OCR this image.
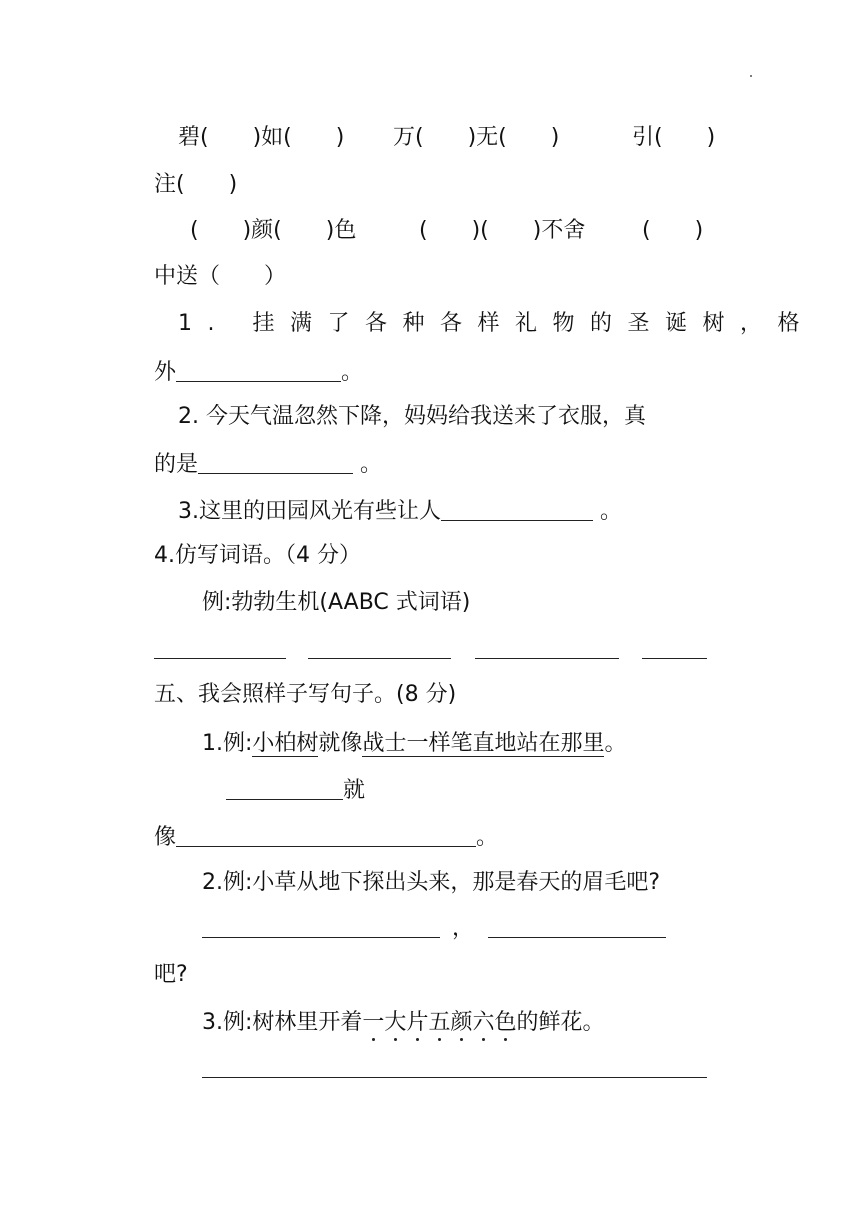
碧(　　)如(　　) 万(　　)无(　　)	引(　　)
注(　　)
(　　)颜(　　)色	(　　)(　　)不舍	(　　)
中送（　　）
1. 挂满了各种各样礼物的圣诞树，格
外	。
2. 今天气温忽然下降，妈妈给我送来了衣服，真
的是	。
3.这里的田园风光有些让人	。
4.仿写词语。（4 分）
例:勃勃生机(AABC 式词语)
五、我会照样子写句子。(8 分)
1.例:小柏树就像战士一样笔直地站在那里。
就
像	。
2.例:小草从地下探出头来，那是春天的眉毛吧?
，
吧?
3.例:树林里开着一
大
片
五
颜
六
色
的鲜花。
